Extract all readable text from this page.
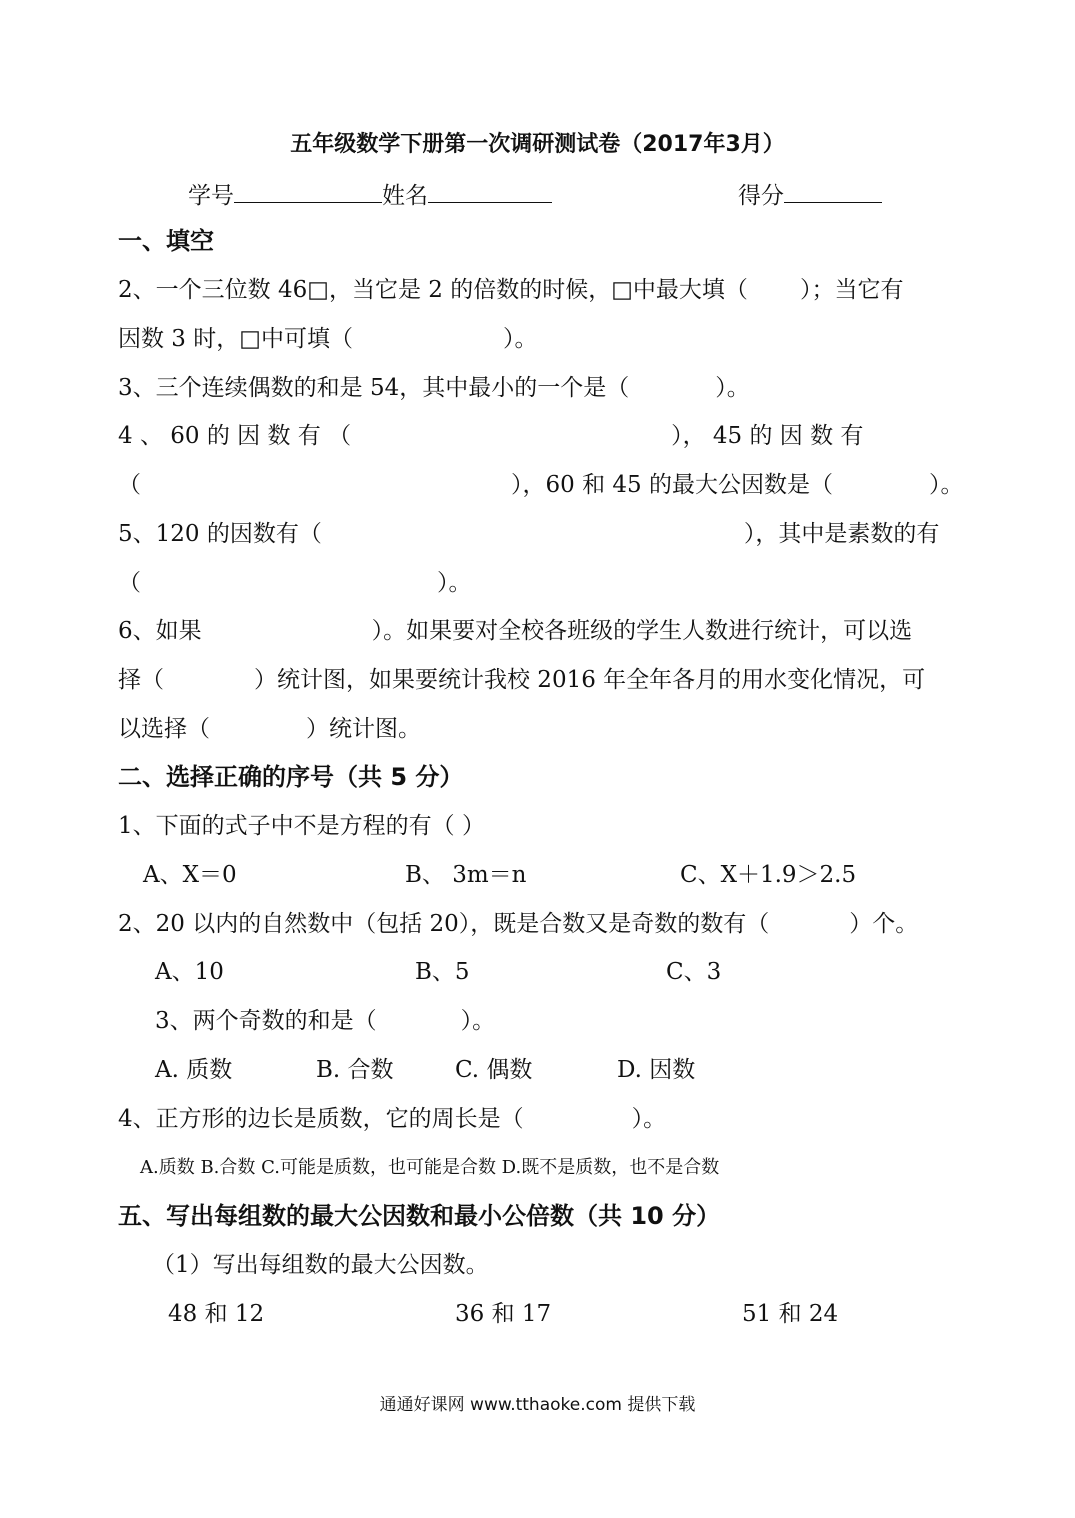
五年级数学下册第一次调研测试卷（2017年3月）
学号	姓名	得分
一、填空
2、一个三位数 46□，当它是 2 的倍数的时候，□中最大填（ ）；当它有
因数 3 时，□中可填（	）。
3、三个连续偶数的和是 54，其中最小的一个是（	）。
4 、 60 的 因 数 有 （	）， 45 的 因 数 有
（	），60 和 45 的最大公因数是（	）。
5、120 的因数有（	），其中是素数的有
（	）。
6、如果	）。如果要对全校各班级的学生人数进行统计，可以选
择（	）统计图，如果要统计我校 2016 年全年各月的用水变化情况，可
以选择（	）统计图。
二、选择正确的序号（共 5 分）
1、下面的式子中不是方程的有（ ）
A、X＝0	B、 3m＝n	C、X＋1.9＞2.5
2、20 以内的自然数中（包括 20），既是合数又是奇数的数有（	）个。
A、10	B、5	C、3
3、两个奇数的和是（	）。
A. 质数	B. 合数	C. 偶数	D. 因数
4、正方形的边长是质数，它的周长是（	）。
A.质数 B.合数 C.可能是质数，也可能是合数 D.既不是质数，也不是合数
五、写出每组数的最大公因数和最小公倍数（共 10 分）
（1）写出每组数的最大公因数。
48 和 12	36 和 17	51 和 24
通通好课网 www.tthaoke.com 提供下载
